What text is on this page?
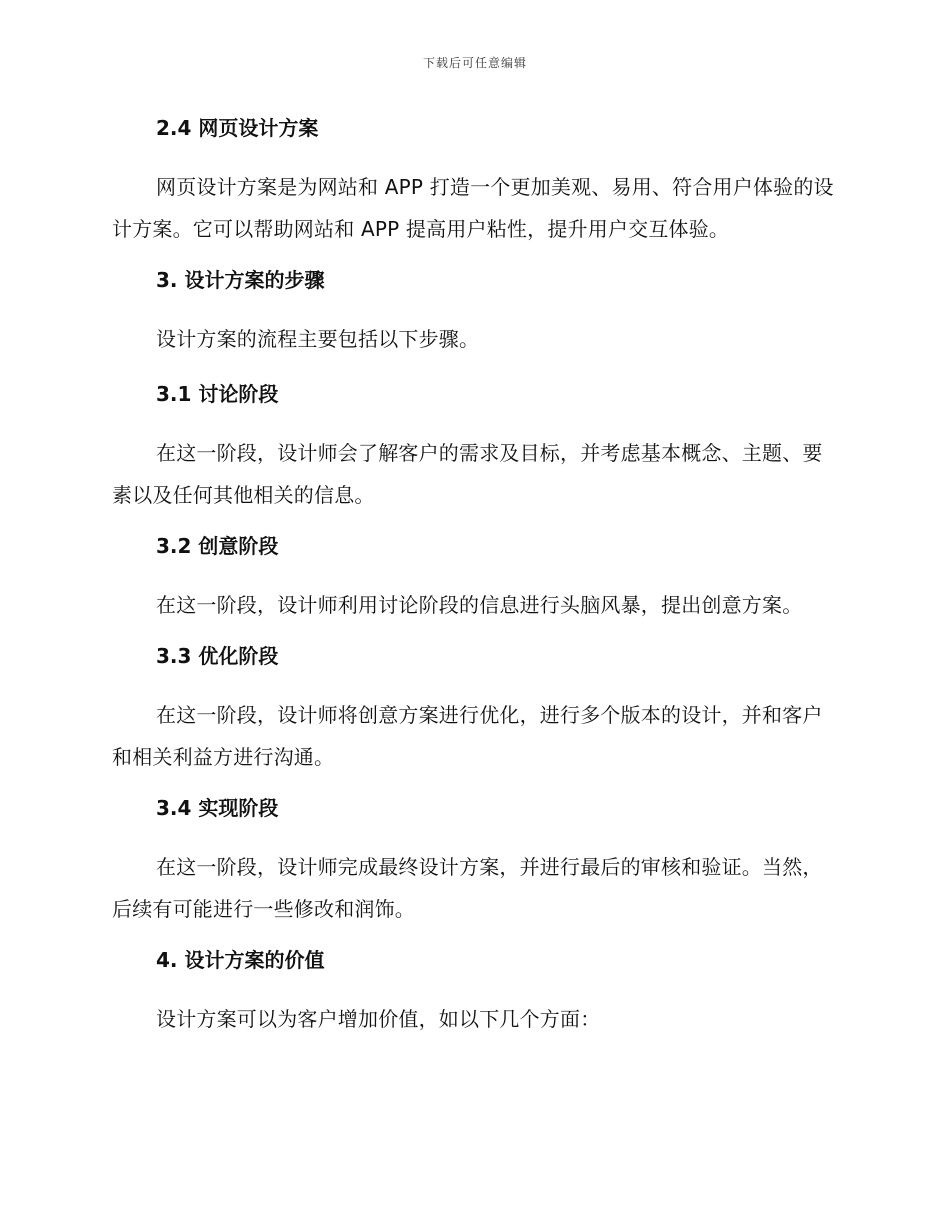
下载后可任意编辑
2.4 网页设计方案

网页设计方案是为网站和 APP 打造一个更加美观、易用、符合用户体验的设计方案。它可以帮助网站和 APP 提高用户粘性，提升用户交互体验。

3. 设计方案的步骤

设计方案的流程主要包括以下步骤。

3.1 讨论阶段

在这一阶段，设计师会了解客户的需求及目标，并考虑基本概念、主题、要素以及任何其他相关的信息。

3.2 创意阶段

在这一阶段，设计师利用讨论阶段的信息进行头脑风暴，提出创意方案。

3.3 优化阶段

在这一阶段，设计师将创意方案进行优化，进行多个版本的设计，并和客户和相关利益方进行沟通。

3.4 实现阶段

在这一阶段，设计师完成最终设计方案，并进行最后的审核和验证。当然，后续有可能进行一些修改和润饰。

4. 设计方案的价值

设计方案可以为客户增加价值，如以下几个方面：
